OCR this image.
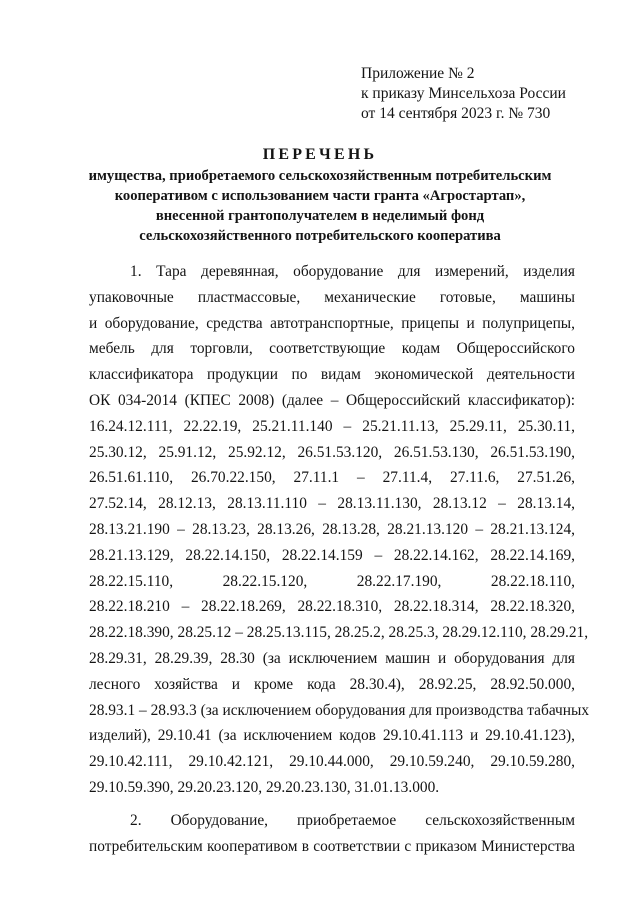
Приложение № 2
к приказу Минсельхоза России
от 14 сентября 2023 г. № 730
ПЕРЕЧЕНЬ
имущества, приобретаемого сельскохозяйственным потребительским
кооперативом с использованием части гранта «Агростартап»,
внесенной грантополучателем в неделимый фонд
сельскохозяйственного потребительского кооператива
1. Тара деревянная, оборудование для измерений, изделия
упаковочные пластмассовые, механические готовые, машины
и оборудование, средства автотранспортные, прицепы и полуприцепы,
мебель для торговли, соответствующие кодам Общероссийского
классификатора продукции по видам экономической деятельности
ОК 034-2014 (КПЕС 2008) (далее – Общероссийский классификатор):
16.24.12.111, 22.22.19, 25.21.11.140 – 25.21.11.13, 25.29.11, 25.30.11,
25.30.12, 25.91.12, 25.92.12, 26.51.53.120, 26.51.53.130, 26.51.53.190,
26.51.61.110, 26.70.22.150, 27.11.1 – 27.11.4, 27.11.6, 27.51.26,
27.52.14, 28.12.13, 28.13.11.110 – 28.13.11.130, 28.13.12 – 28.13.14,
28.13.21.190 – 28.13.23, 28.13.26, 28.13.28, 28.21.13.120 – 28.21.13.124,
28.21.13.129, 28.22.14.150, 28.22.14.159 – 28.22.14.162, 28.22.14.169,
28.22.15.110, 28.22.15.120, 28.22.17.190, 28.22.18.110,
28.22.18.210 – 28.22.18.269, 28.22.18.310, 28.22.18.314, 28.22.18.320,
28.22.18.390, 28.25.12 – 28.25.13.115, 28.25.2, 28.25.3, 28.29.12.110, 28.29.21,
28.29.31, 28.29.39, 28.30 (за исключением машин и оборудования для
лесного хозяйства и кроме кода 28.30.4), 28.92.25, 28.92.50.000,
28.93.1 – 28.93.3 (за исключением оборудования для производства табачных
изделий), 29.10.41 (за исключением кодов 29.10.41.113 и 29.10.41.123),
29.10.42.111, 29.10.42.121, 29.10.44.000, 29.10.59.240, 29.10.59.280,
29.10.59.390, 29.20.23.120, 29.20.23.130, 31.01.13.000.
2. Оборудование, приобретаемое сельскохозяйственным
потребительским кооперативом в соответствии с приказом Министерства
